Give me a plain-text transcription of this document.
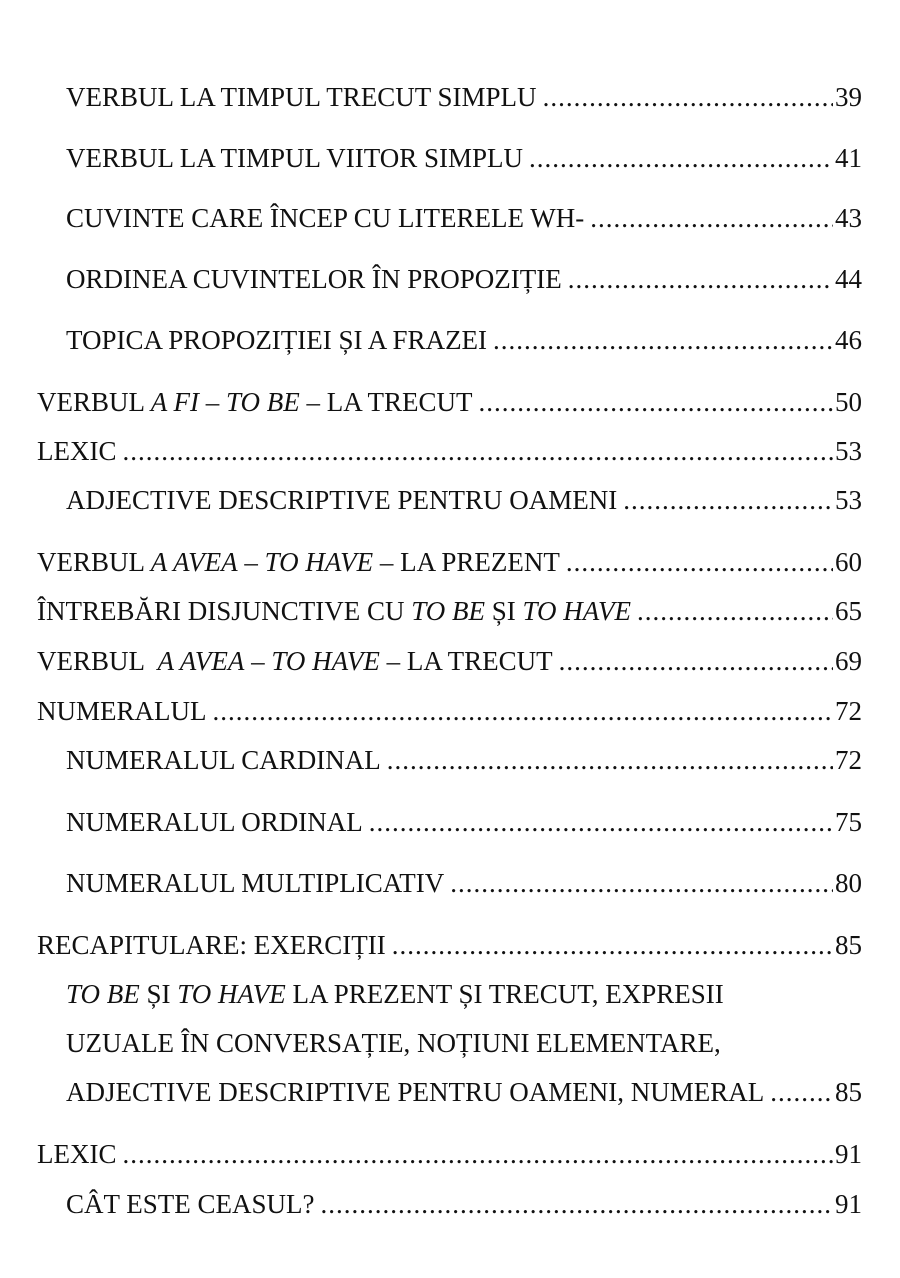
VERBUL LA TIMPUL TRECUT SIMPLU .....	39
VERBUL LA TIMPUL VIITOR SIMPLU .....	41
CUVINTE CARE ÎNCEP CU LITERELE WH- .....	43
ORDINEA CUVINTELOR ÎN PROPOZIȚIE .....	44
TOPICA PROPOZIȚIEI ȘI A FRAZEI .....	46
VERBUL A FI – TO BE – LA TRECUT .....	50
LEXIC .....	53
ADJECTIVE DESCRIPTIVE PENTRU OAMENI .....	53
VERBUL A AVEA – TO HAVE – LA PREZENT .....	60
ÎNTREBĂRI DISJUNCTIVE CU TO BE ȘI TO HAVE .....	65
VERBUL  A AVEA – TO HAVE – LA TRECUT .....	69
NUMERALUL .....	72
NUMERALUL CARDINAL .....	72
NUMERALUL ORDINAL .....	75
NUMERALUL MULTIPLICATIV .....	80
RECAPITULARE: EXERCIȚII .....	85
TO BE ȘI TO HAVE LA PREZENT ȘI TRECUT, EXPRESII
UZUALE ÎN CONVERSAȚIE, NOȚIUNI ELEMENTARE,
ADJECTIVE DESCRIPTIVE PENTRU OAMENI, NUMERAL .....	85
LEXIC .....	91
CÂT ESTE CEASUL? .....	91
